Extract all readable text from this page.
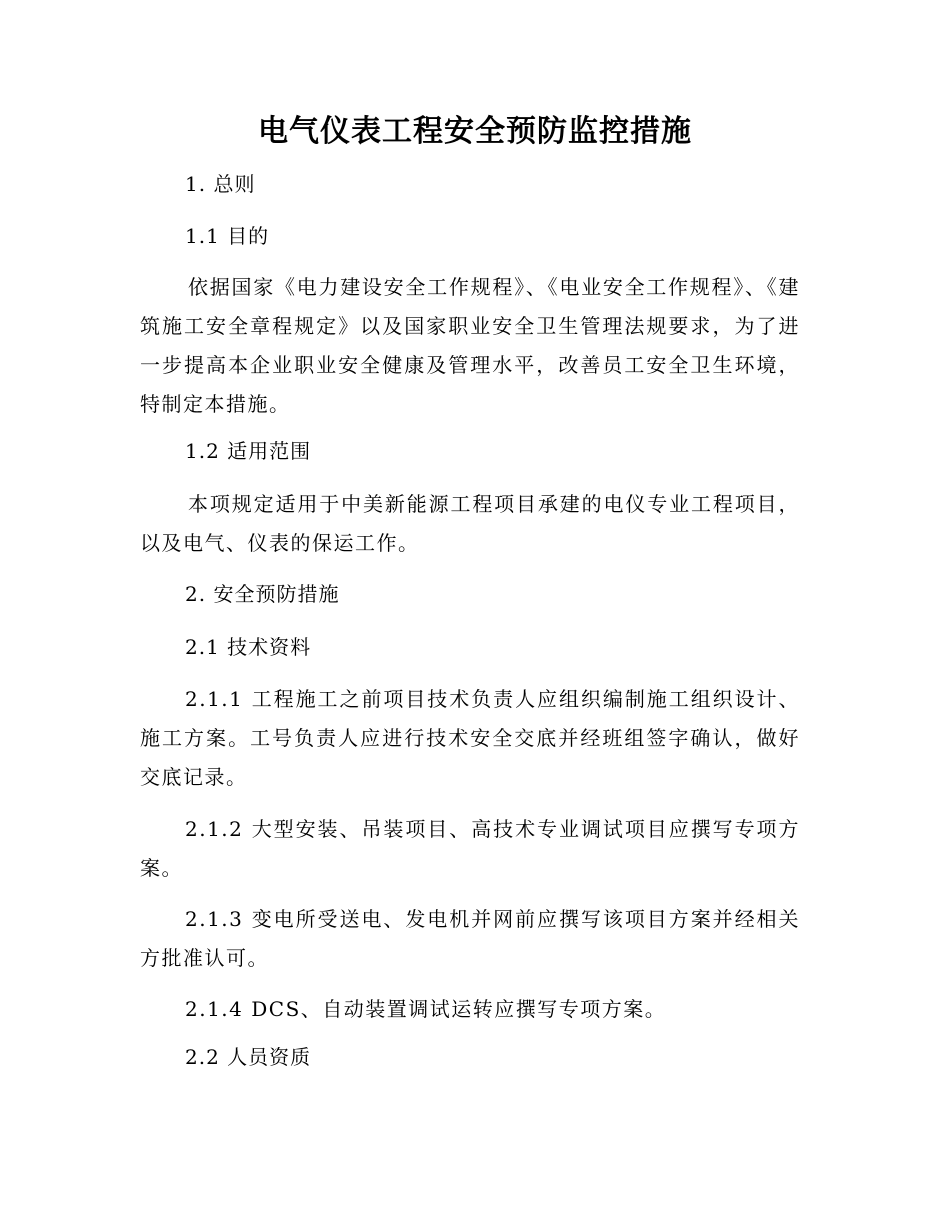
电气仪表工程安全预防监控措施
1. 总则
1.1 目的
依据国家《电力建设安全工作规程》、《电业安全工作规程》、《建筑施工安全章程规定》以及国家职业安全卫生管理法规要求，为了进一步提高本企业职业安全健康及管理水平，改善员工安全卫生环境，特制定本措施。
1.2 适用范围
本项规定适用于中美新能源工程项目承建的电仪专业工程项目，以及电气、仪表的保运工作。
2. 安全预防措施
2.1 技术资料
2.1.1 工程施工之前项目技术负责人应组织编制施工组织设计、施工方案。工号负责人应进行技术安全交底并经班组签字确认，做好交底记录。
2.1.2 大型安装、吊装项目、高技术专业调试项目应撰写专项方案。
2.1.3 变电所受送电、发电机并网前应撰写该项目方案并经相关方批准认可。
2.1.4 DCS、自动装置调试运转应撰写专项方案。
2.2 人员资质
